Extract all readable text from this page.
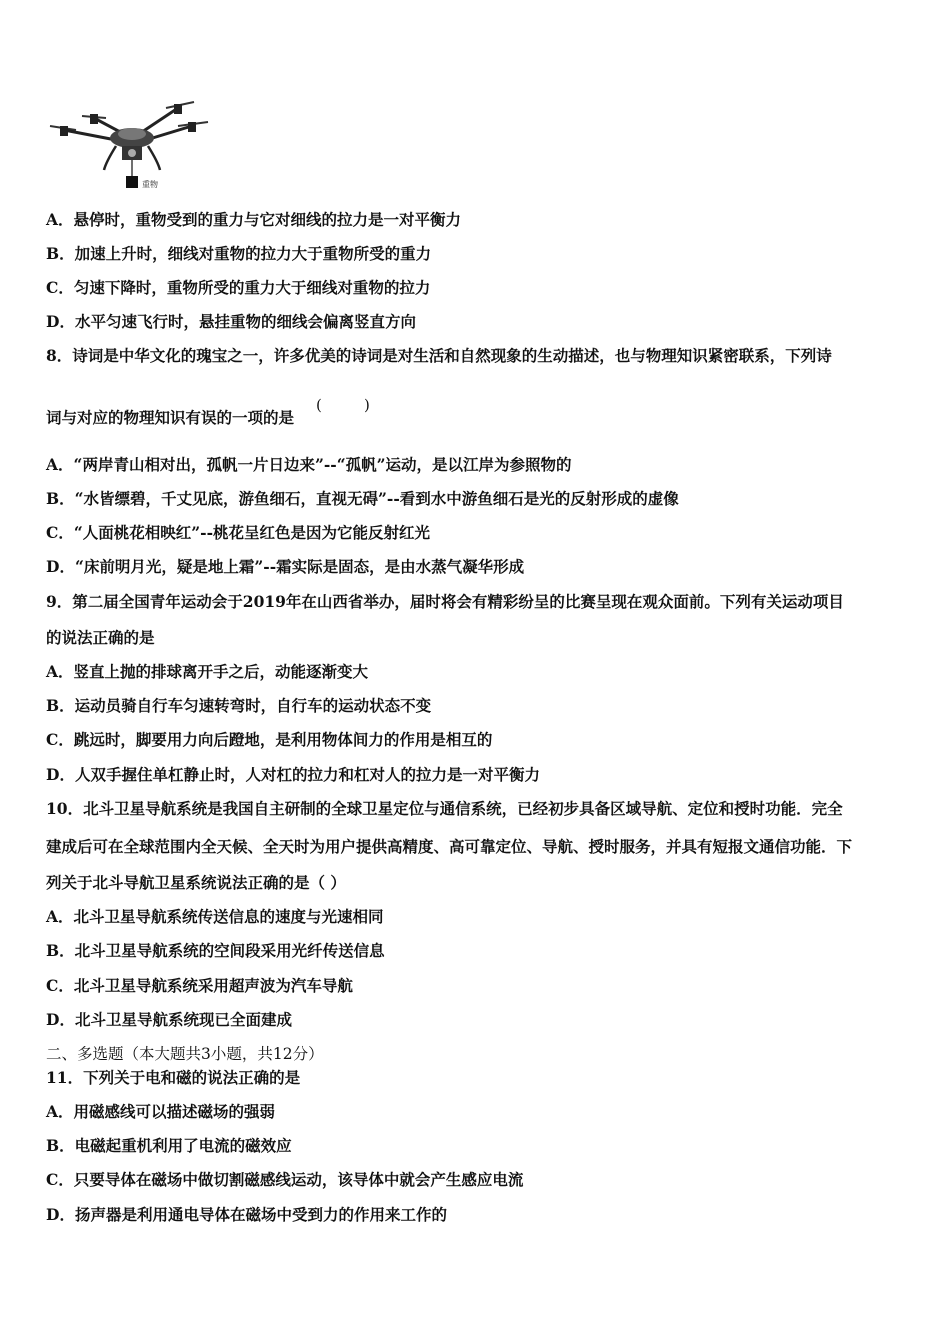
重物
A．悬停时，重物受到的重力与它对细线的拉力是一对平衡力
B．加速上升时，细线对重物的拉力大于重物所受的重力
C．匀速下降时，重物所受的重力大于细线对重物的拉力
D．水平匀速飞行时，悬挂重物的细线会偏离竖直方向
8．诗词是中华文化的瑰宝之一，许多优美的诗词是对生活和自然现象的生动描述，也与物理知识紧密联系，下列诗
词与对应的物理知识有误的一项的是
(	)
A．“两岸青山相对出，孤帆一片日边来”--“孤帆”运动，是以江岸为参照物的
B．“水皆缥碧，千丈见底，游鱼细石，直视无碍”--看到水中游鱼细石是光的反射形成的虚像
C．“人面桃花相映红”--桃花呈红色是因为它能反射红光
D．“床前明月光，疑是地上霜”--霜实际是固态，是由水蒸气凝华形成
9．第二届全国青年运动会于2019年在山西省举办，届时将会有精彩纷呈的比赛呈现在观众面前。下列有关运动项目
的说法正确的是
A．竖直上抛的排球离开手之后，动能逐渐变大
B．运动员骑自行车匀速转弯时，自行车的运动状态不变
C．跳远时，脚要用力向后蹬地，是利用物体间力的作用是相互的
D．人双手握住单杠静止时，人对杠的拉力和杠对人的拉力是一对平衡力
10．北斗卫星导航系统是我国自主研制的全球卫星定位与通信系统，已经初步具备区域导航、定位和授时功能．完全
建成后可在全球范围内全天候、全天时为用户提供高精度、高可靠定位、导航、授时服务，并具有短报文通信功能．下
列关于北斗导航卫星系统说法正确的是（ ）
A．北斗卫星导航系统传送信息的速度与光速相同
B．北斗卫星导航系统的空间段采用光纤传送信息
C．北斗卫星导航系统采用超声波为汽车导航
D．北斗卫星导航系统现已全面建成
二、多选题（本大题共3小题，共12分）
11．下列关于电和磁的说法正确的是
A．用磁感线可以描述磁场的强弱
B．电磁起重机利用了电流的磁效应
C．只要导体在磁场中做切割磁感线运动，该导体中就会产生感应电流
D．扬声器是利用通电导体在磁场中受到力的作用来工作的
